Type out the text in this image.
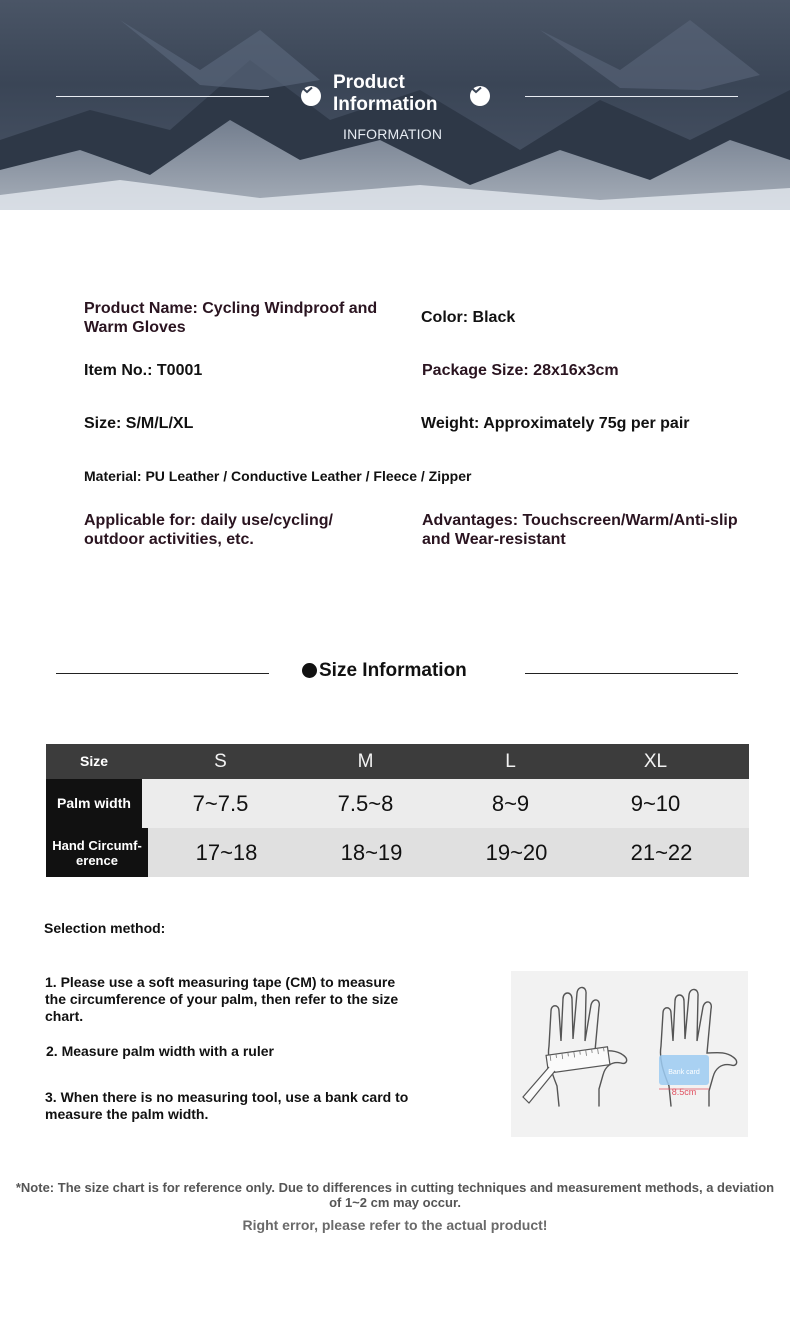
Product
Information
INFORMATION
Product Name: Cycling Windproof and Warm Gloves
Color: Black
Item No.: T0001	Package Size: 28x16x3cm
Size: S/M/L/XL	Weight: Approximately 75g per pair
Material: PU Leather / Conductive Leather / Fleece / Zipper
Applicable for: daily use/cycling/ outdoor activities, etc.
Advantages: Touchscreen/Warm/Anti-slip and Wear-resistant
Size Information
Size	S	M	L	XL
Palm width	7~7.5	7.5~8	8~9	9~10
Hand Circumf- erence	17~18	18~19	19~20	21~22
Selection method:
1. Please use a soft measuring tape (CM) to measure the circumference of your palm, then refer to the size chart.
2. Measure palm width with a ruler
3. When there is no measuring tool, use a bank card to measure the palm width.
Bank card
8.5cm
*Note: The size chart is for reference only. Due to differences in cutting techniques and measurement methods, a deviation of 1~2 cm may occur.
Right error, please refer to the actual product!
